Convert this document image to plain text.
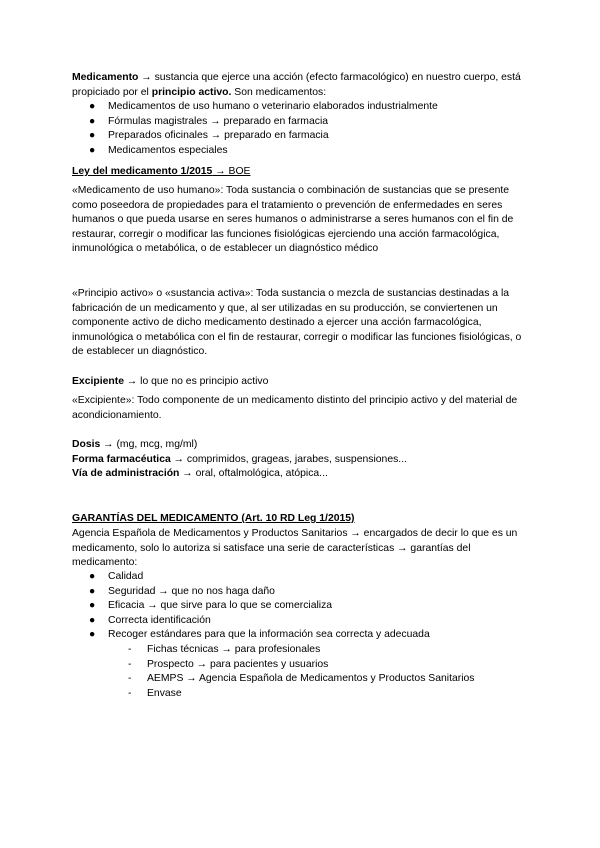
Medicamento → sustancia que ejerce una acción (efecto farmacológico) en nuestro cuerpo, está propiciado por el principio activo. Son medicamentos:
● Medicamentos de uso humano o veterinario elaborados industrialmente
● Fórmulas magistrales → preparado en farmacia
● Preparados oficinales → preparado en farmacia
● Medicamentos especiales
Ley del medicamento 1/2015 → BOE
«Medicamento de uso humano»: Toda sustancia o combinación de sustancias que se presente como poseedora de propiedades para el tratamiento o prevención de enfermedades en seres humanos o que pueda usarse en seres humanos o administrarse a seres humanos con el fin de restaurar, corregir o modificar las funciones fisiológicas ejerciendo una acción farmacológica, inmunológica o metabólica, o de establecer un diagnóstico médico
«Principio activo» o «sustancia activa»: Toda sustancia o mezcla de sustancias destinadas a la fabricación de un medicamento y que, al ser utilizadas en su producción, se conviertenen un componente activo de dicho medicamento destinado a ejercer una acción farmacológica, inmunológica o metabólica con el fin de restaurar, corregir o modificar las funciones fisiológicas, o de establecer un diagnóstico.
Excipiente → lo que no es principio activo
«Excipiente»: Todo componente de un medicamento distinto del principio activo y del material de acondicionamiento.
Dosis → (mg, mcg, mg/ml)
Forma farmacéutica → comprimidos, grageas, jarabes, suspensiones...
Vía de administración → oral, oftalmológica, atópica...
GARANTÍAS DEL MEDICAMENTO (Art. 10 RD Leg 1/2015)
Agencia Española de Medicamentos y Productos Sanitarios → encargados de decir lo que es un medicamento, solo lo autoriza si satisface una serie de características → garantías del medicamento:
● Calidad
● Seguridad → que no nos haga daño
● Eficacia → que sirve para lo que se comercializa
● Correcta identificación
● Recoger estándares para que la información sea correcta y adecuada
- Fichas técnicas → para profesionales
- Prospecto → para pacientes y usuarios
- AEMPS → Agencia Española de Medicamentos y Productos Sanitarios
- Envase
